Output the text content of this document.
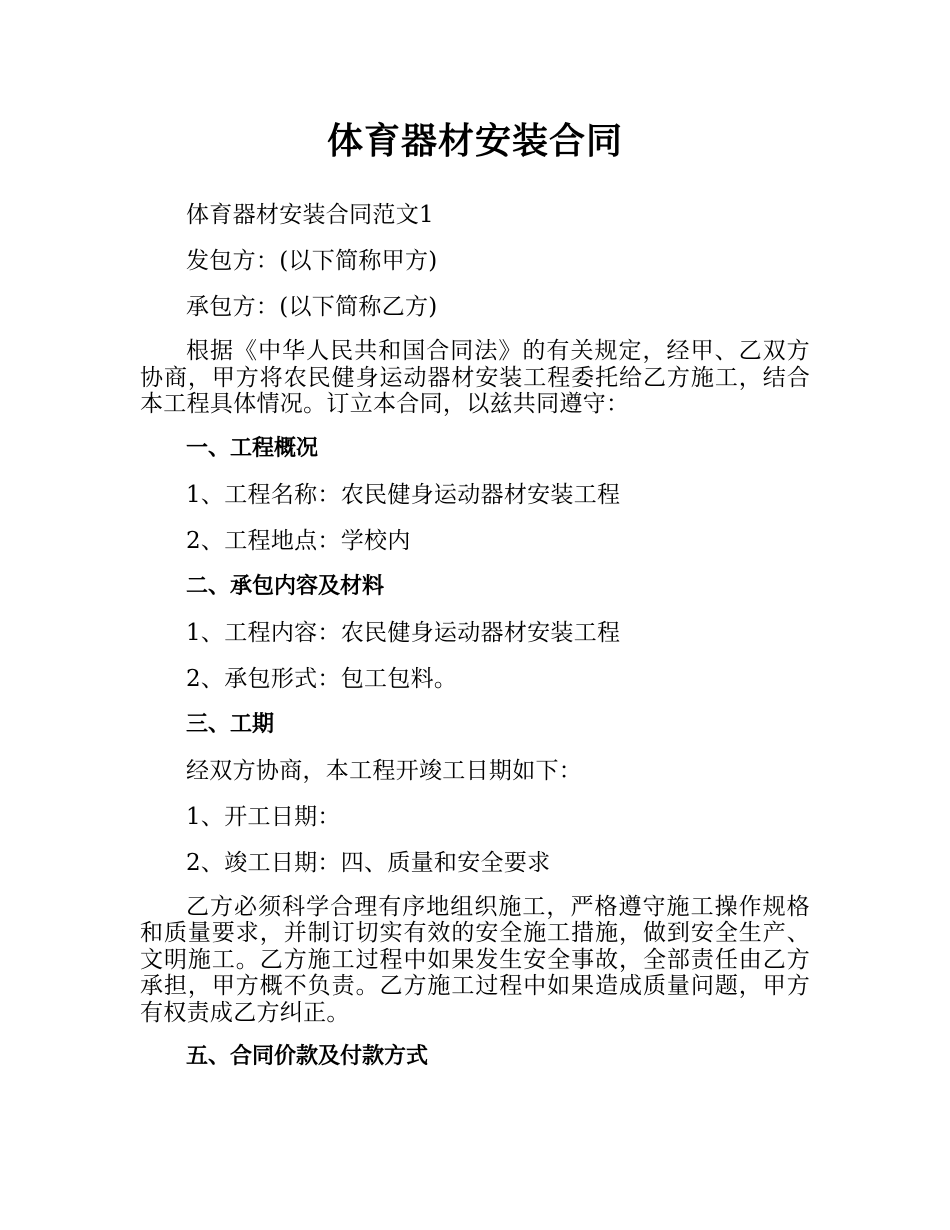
体育器材安装合同
体育器材安装合同范文1
发包方：(以下简称甲方)
承包方：(以下简称乙方)
根据《中华人民共和国合同法》的有关规定，经甲、乙双方协商，甲方将农民健身运动器材安装工程委托给乙方施工，结合本工程具体情况。订立本合同，以兹共同遵守：
一、工程概况
1、工程名称：农民健身运动器材安装工程
2、工程地点：学校内
二、承包内容及材料
1、工程内容：农民健身运动器材安装工程
2、承包形式：包工包料。
三、工期
经双方协商，本工程开竣工日期如下：
1、开工日期：
2、竣工日期：四、质量和安全要求
乙方必须科学合理有序地组织施工，严格遵守施工操作规格和质量要求，并制订切实有效的安全施工措施，做到安全生产、文明施工。乙方施工过程中如果发生安全事故，全部责任由乙方承担，甲方概不负责。乙方施工过程中如果造成质量问题，甲方有权责成乙方纠正。
五、合同价款及付款方式
